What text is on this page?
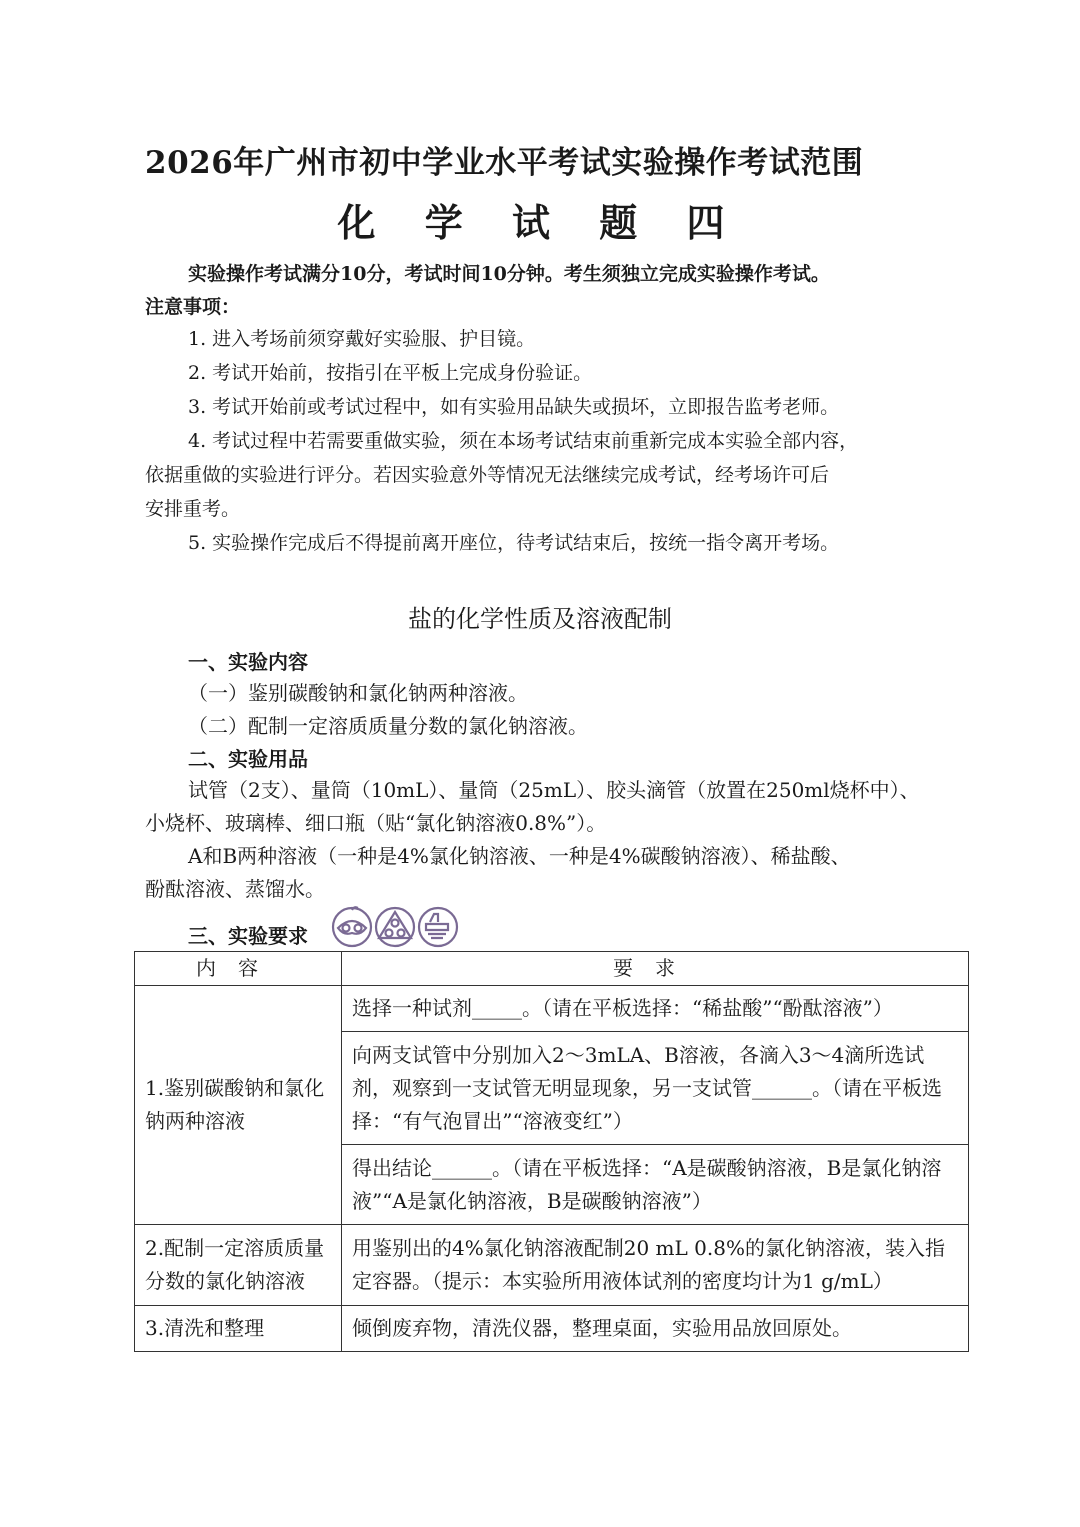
2026年广州市初中学业水平考试实验操作考试范围
化 学 试 题 四
实验操作考试满分10分，考试时间10分钟。考生须独立完成实验操作考试。
注意事项：
1. 进入考场前须穿戴好实验服、护目镜。
2. 考试开始前，按指引在平板上完成身份验证。
3. 考试开始前或考试过程中，如有实验用品缺失或损坏，立即报告监考老师。
4. 考试过程中若需要重做实验，须在本场考试结束前重新完成本实验全部内容，
依据重做的实验进行评分。若因实验意外等情况无法继续完成考试，经考场许可后
安排重考。
5. 实验操作完成后不得提前离开座位，待考试结束后，按统一指令离开考场。
盐的化学性质及溶液配制
一、实验内容
（一）鉴别碳酸钠和氯化钠两种溶液。
（二）配制一定溶质质量分数的氯化钠溶液。
二、实验用品
试管（2支）、量筒（10mL）、量筒（25mL）、胶头滴管（放置在250ml烧杯中）、
小烧杯、玻璃棒、细口瓶（贴“氯化钠溶液0.8%”）。
A和B两种溶液（一种是4%氯化钠溶液、一种是4%碳酸钠溶液）、稀盐酸、
酚酞溶液、蒸馏水。
三、实验要求
内容	要求

1.鉴别碳酸钠和氯化钠两种溶液	选择一种试剂_____。（请在平板选择：“稀盐酸”“酚酞溶液”）

	向两支试管中分别加入2～3mLA、B溶液，各滴入3～4滴所选试剂，观察到一支试管无明显现象，另一支试管______。（请在平板选择：“有气泡冒出”“溶液变红”）

	得出结论______。（请在平板选择：“A是碳酸钠溶液，B是氯化钠溶液”“A是氯化钠溶液，B是碳酸钠溶液”）

2.配制一定溶质质量分数的氯化钠溶液	用鉴别出的4%氯化钠溶液配制20 mL 0.8%的氯化钠溶液，装入指定容器。（提示：本实验所用液体试剂的密度均计为1 g/mL）

3.清洗和整理	倾倒废弃物，清洗仪器，整理桌面，实验用品放回原处。
